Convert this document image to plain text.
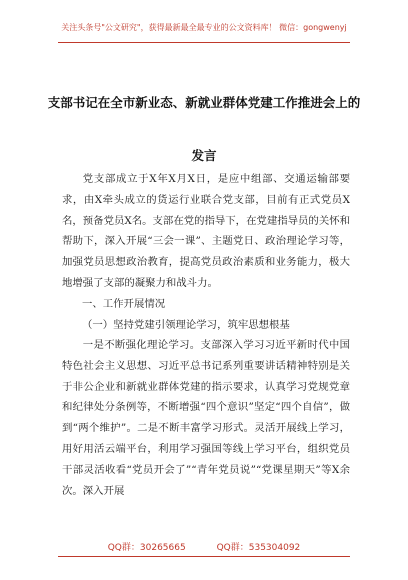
关注头条号"公文研究"，获得最新最全最专业的公文资料库！ 微信：gongwenyj
支部书记在全市新业态、新就业群体党建工作推进会上的
发言

党支部成立于X年X月X日，是应中组部、交通运输部要求，由X牵头成立的货运行业联合党支部，目前有正式党员X名，预备党员X名。支部在党的指导下，在党建指导员的关怀和帮助下，深入开展“三会一课”、主题党日、政治理论学习等，加强党员思想政治教育，提高党员政治素质和业务能力，极大地增强了支部的凝聚力和战斗力。

一、工作开展情况

（一）坚持党建引领理论学习，筑牢思想根基

一是不断强化理论学习。支部深入学习习近平新时代中国特色社会主义思想、习近平总书记系列重要讲话精神特别是关于非公企业和新就业群体党建的指示要求，认真学习党规党章和纪律处分条例等，不断增强“四个意识”坚定“四个自信”，做到“两个维护”。二是不断丰富学习形式。灵活开展线上学习，用好用活云端平台，利用学习强国等线上学习平台，组织党员干部灵活收看“党员开会了”“青年党员说”“党课星期天”等X余次。深入开展

QQ群：30265665	QQ群：535304092
